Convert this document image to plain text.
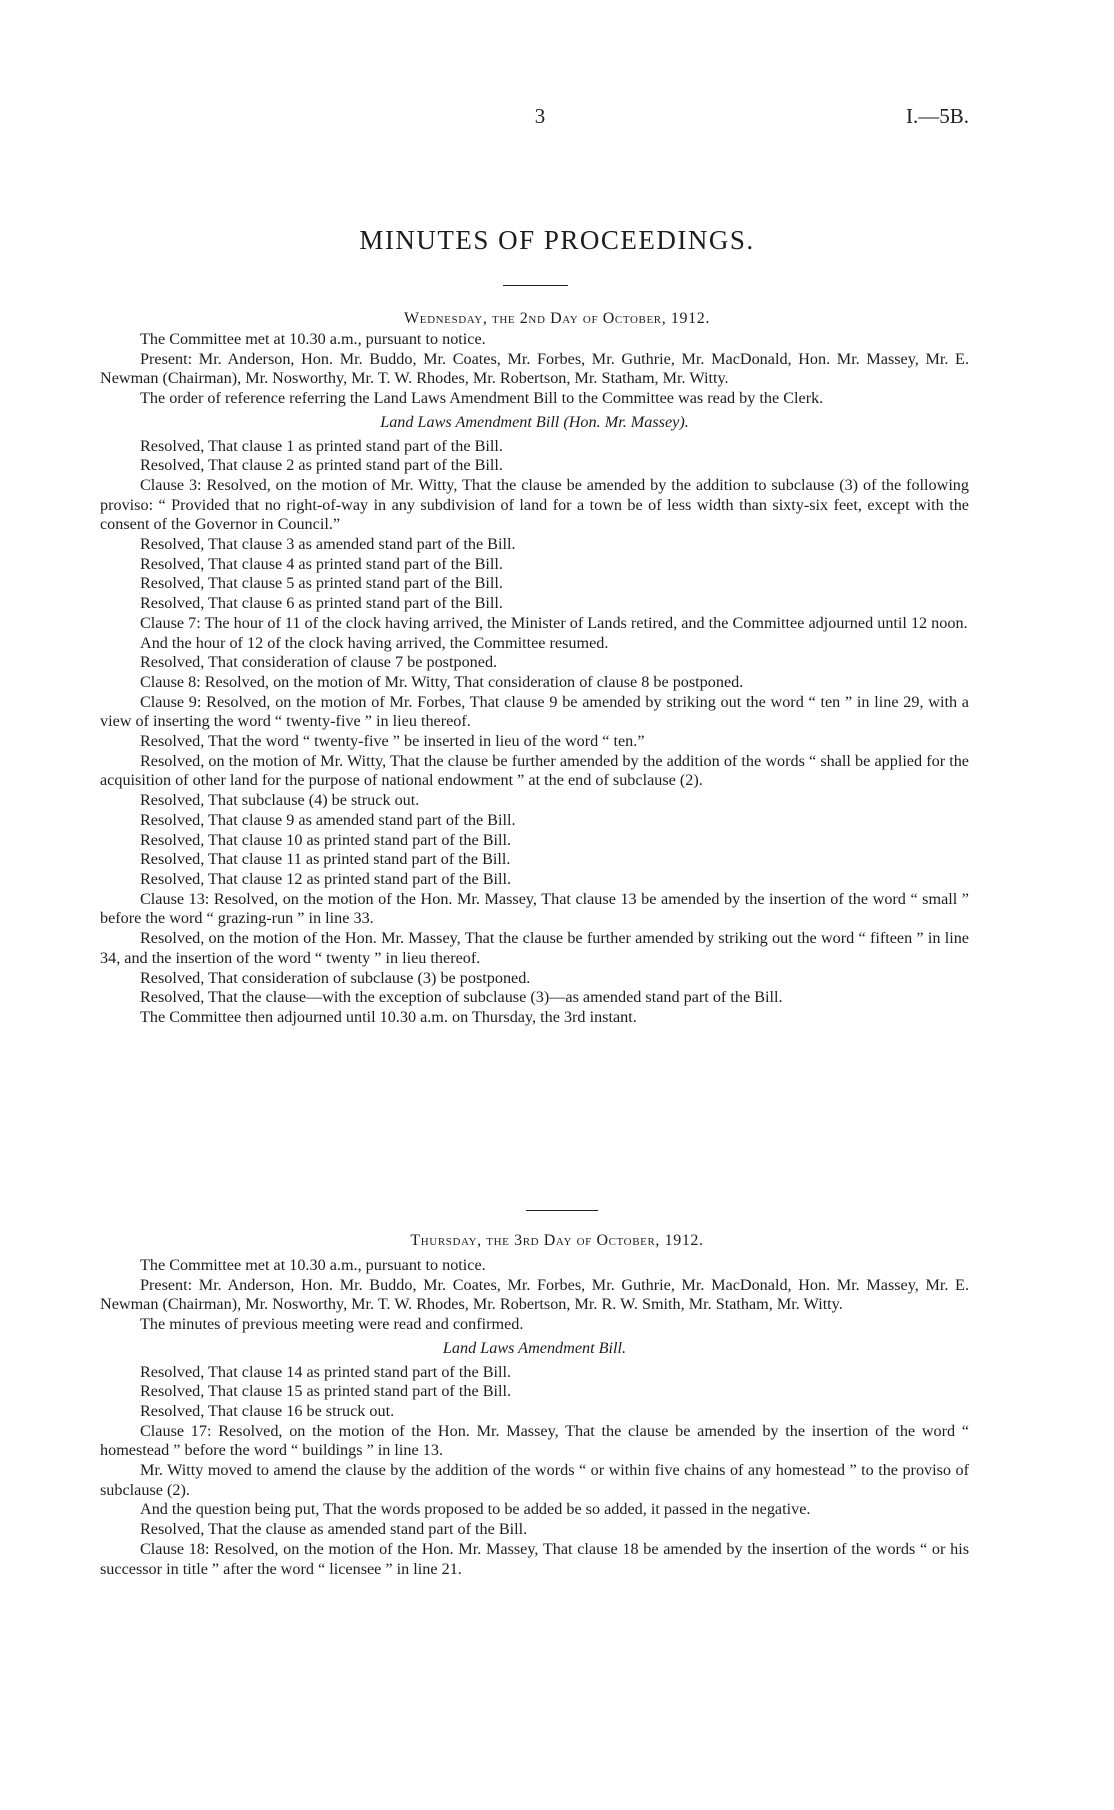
3	I.—5B.
MINUTES OF PROCEEDINGS.
Wednesday, the 2nd Day of October, 1912.

The Committee met at 10.30 a.m., pursuant to notice.

Present: Mr. Anderson, Hon. Mr. Buddo, Mr. Coates, Mr. Forbes, Mr. Guthrie, Mr. MacDonald, Hon. Mr. Massey, Mr. E. Newman (Chairman), Mr. Nosworthy, Mr. T. W. Rhodes, Mr. Robertson, Mr. Statham, Mr. Witty.

The order of reference referring the Land Laws Amendment Bill to the Committee was read by the Clerk.

Land Laws Amendment Bill (Hon. Mr. Massey).

Resolved, That clause 1 as printed stand part of the Bill.

Resolved, That clause 2 as printed stand part of the Bill.

Clause 3: Resolved, on the motion of Mr. Witty, That the clause be amended by the addition to subclause (3) of the following proviso: “ Provided that no right-of-way in any subdivision of land for a town be of less width than sixty-six feet, except with the consent of the Governor in Council.”

Resolved, That clause 3 as amended stand part of the Bill.

Resolved, That clause 4 as printed stand part of the Bill.

Resolved, That clause 5 as printed stand part of the Bill.

Resolved, That clause 6 as printed stand part of the Bill.

Clause 7: The hour of 11 of the clock having arrived, the Minister of Lands retired, and the Committee adjourned until 12 noon.

And the hour of 12 of the clock having arrived, the Committee resumed.

Resolved, That consideration of clause 7 be postponed.

Clause 8: Resolved, on the motion of Mr. Witty, That consideration of clause 8 be postponed.

Clause 9: Resolved, on the motion of Mr. Forbes, That clause 9 be amended by striking out the word “ ten ” in line 29, with a view of inserting the word “ twenty-five ” in lieu thereof.

Resolved, That the word “ twenty-five ” be inserted in lieu of the word “ ten.”

Resolved, on the motion of Mr. Witty, That the clause be further amended by the addition of the words “ shall be applied for the acquisition of other land for the purpose of national endowment ” at the end of subclause (2).

Resolved, That subclause (4) be struck out.

Resolved, That clause 9 as amended stand part of the Bill.

Resolved, That clause 10 as printed stand part of the Bill.

Resolved, That clause 11 as printed stand part of the Bill.

Resolved, That clause 12 as printed stand part of the Bill.

Clause 13: Resolved, on the motion of the Hon. Mr. Massey, That clause 13 be amended by the insertion of the word “ small ” before the word “ grazing-run ” in line 33.

Resolved, on the motion of the Hon. Mr. Massey, That the clause be further amended by striking out the word “ fifteen ” in line 34, and the insertion of the word “ twenty ” in lieu thereof.

Resolved, That consideration of subclause (3) be postponed.

Resolved, That the clause—with the exception of subclause (3)—as amended stand part of the Bill.

The Committee then adjourned until 10.30 a.m. on Thursday, the 3rd instant.

Thursday, the 3rd Day of October, 1912.

The Committee met at 10.30 a.m., pursuant to notice.

Present: Mr. Anderson, Hon. Mr. Buddo, Mr. Coates, Mr. Forbes, Mr. Guthrie, Mr. MacDonald, Hon. Mr. Massey, Mr. E. Newman (Chairman), Mr. Nosworthy, Mr. T. W. Rhodes, Mr. Robertson, Mr. R. W. Smith, Mr. Statham, Mr. Witty.

The minutes of previous meeting were read and confirmed.

Land Laws Amendment Bill.

Resolved, That clause 14 as printed stand part of the Bill.

Resolved, That clause 15 as printed stand part of the Bill.

Resolved, That clause 16 be struck out.

Clause 17: Resolved, on the motion of the Hon. Mr. Massey, That the clause be amended by the insertion of the word “ homestead ” before the word “ buildings ” in line 13.

Mr. Witty moved to amend the clause by the addition of the words “ or within five chains of any homestead ” to the proviso of subclause (2).

And the question being put, That the words proposed to be added be so added, it passed in the negative.

Resolved, That the clause as amended stand part of the Bill.

Clause 18: Resolved, on the motion of the Hon. Mr. Massey, That clause 18 be amended by the insertion of the words “ or his successor in title ” after the word “ licensee ” in line 21.
